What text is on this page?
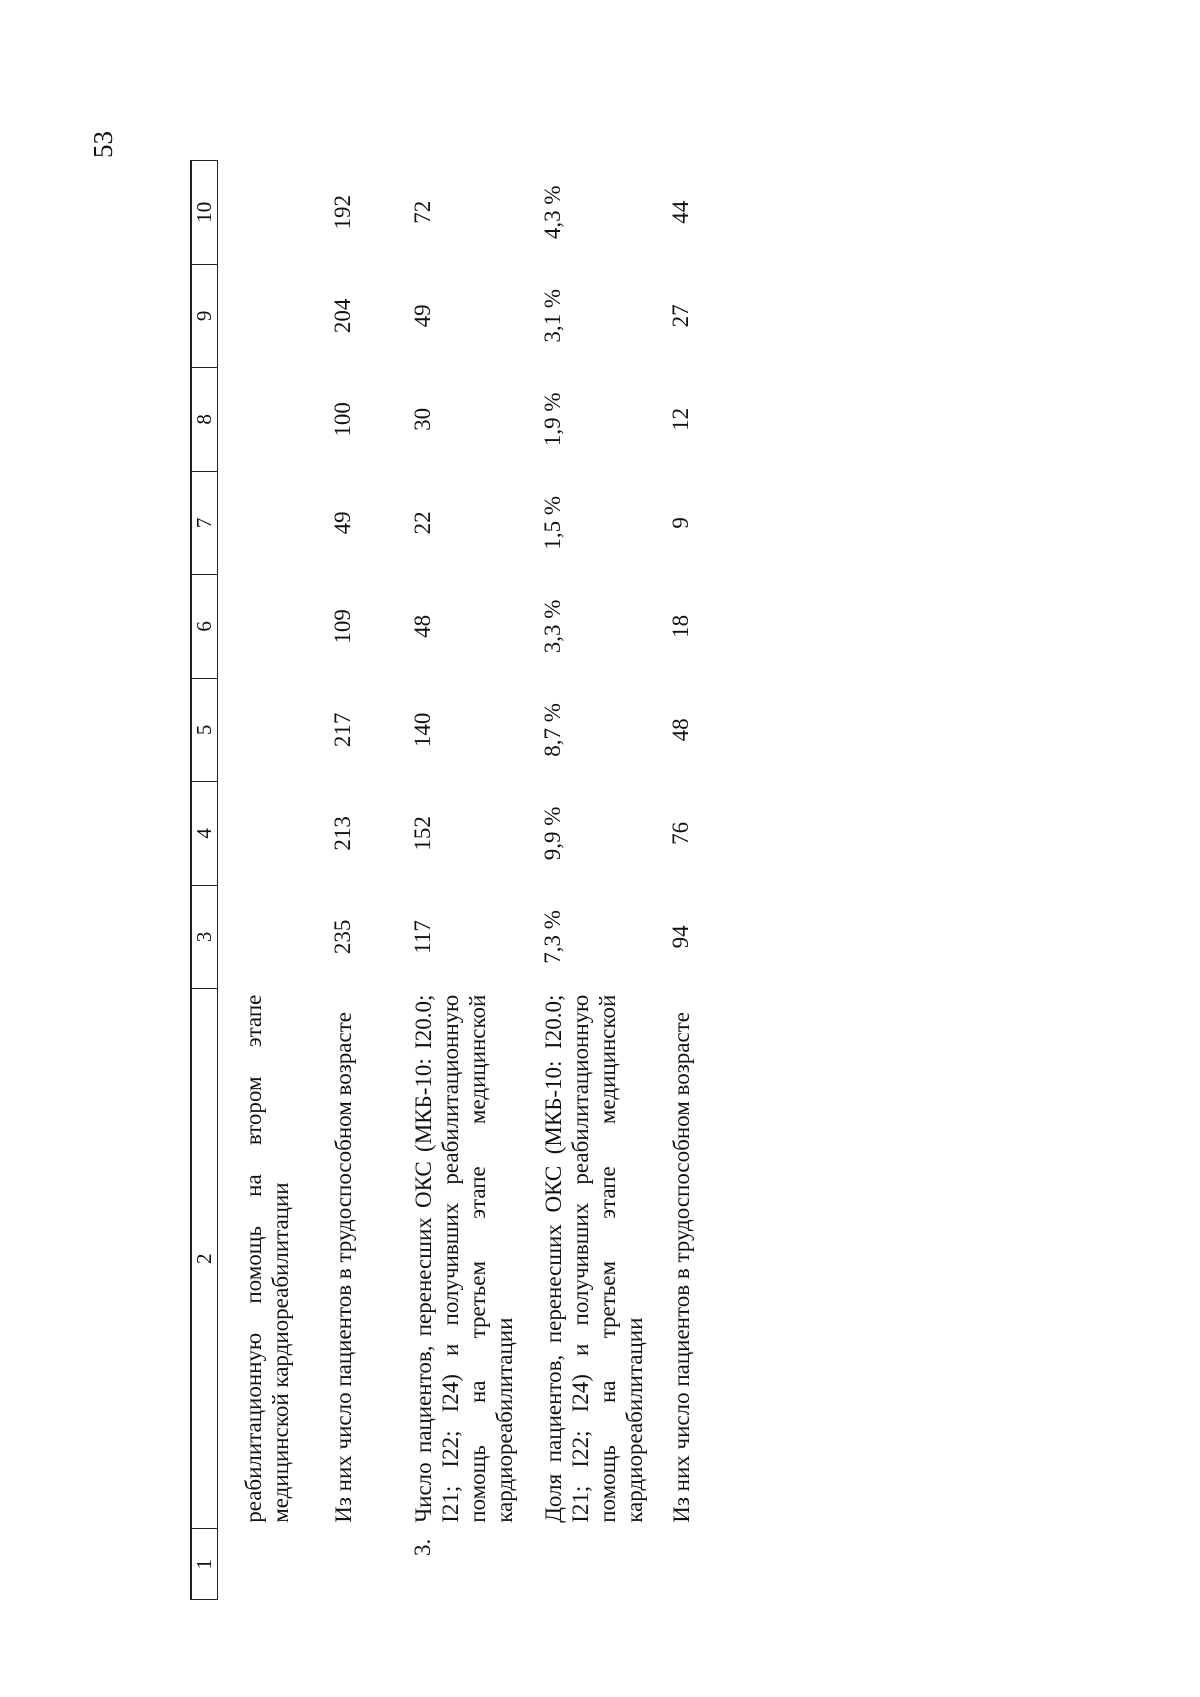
53
1	2	3	4	5	6	7	8	9	10
	реабилитационную помощь на втором этапе медицинской кардиореабилитации								
	Из них число пациентов в трудоспособном возрасте	235	213	217	109	49	100	204	192
3.	Число пациентов, перенесших ОКС (МКБ-10: I20.0; I21; I22; I24) и получивших реабилитационную помощь на третьем этапе медицинской кардиореабилитации	117	152	140	48	22	30	49	72
	Доля пациентов, перенесших ОКС (МКБ-10: I20.0; I21; I22; I24) и получивших реабилитационную помощь на третьем этапе медицинской кардиореабилитации	7,3 %	9,9 %	8,7 %	3,3 %	1,5 %	1,9 %	3,1 %	4,3 %
	Из них число пациентов в трудоспособном возрасте	94	76	48	18	9	12	27	44
